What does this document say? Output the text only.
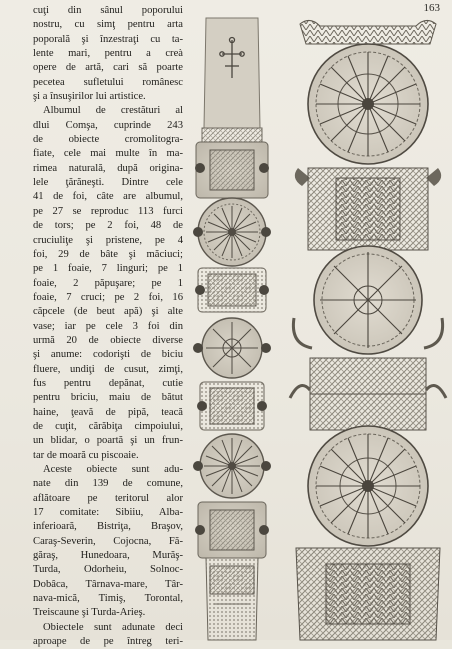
163
cuţi din sânul poporului
nostru, cu simţ pentru arta
poporală şi înzestraţi cu ta-
lente mari, pentru a creà
opere de artă, cari să poarte
pecetea sufletului românesc
şi a însuşirilor lui artistice.
Albumul de crestături al
dlui Comşa, cuprinde 243
de obiecte cromolitogra-
fiate, cele mai multe în ma-
rimea naturală, după origina-
lele ţărăneşti. Dintre cele
41 de foi, câte are albumul,
pe 27 se reproduc 113 furci
de tors; pe 2 foi, 48 de
cruciuliţe şi pristene, pe 4
foi, 29 de bâte şi măciuci;
pe 1 foaie, 7 linguri; pe 1
foaie, 2 păpuşare; pe 1
foaie, 7 cruci; pe 2 foi, 16
căpcele (de beut apă) şi alte
vase; iar pe cele 3 foi din
urmă 20 de obiecte diverse
şi anume: codorişti de biciu
fluere, undiţi de cusut, zimţi,
fus pentru depănat, cutie
pentru briciu, maiu de bătut
haine, ţeavă de pipă, teacă
de cuţit, cărăbiţa cimpoiului,
un blidar, o poartă şi un frun-
tar de moară cu piscoaie.
Aceste obiecte sunt adu-
nate din 139 de comune,
aflătoare pe teritorul alor
17 comitate: Sibiiu, Alba-
inferioară, Bistriţa, Braşov,
Caraş-Severin, Cojocna, Fă-
găraş, Hunedoara, Murăş-
Turda, Odorheiu, Solnoc-
Dobâca, Târnava-mare, Târ-
nava-mică, Timiş, Torontal,
Treiscaune şi Turda-Arieş.
Obiectele sunt adunate deci
aproape de pe întreg teri-
